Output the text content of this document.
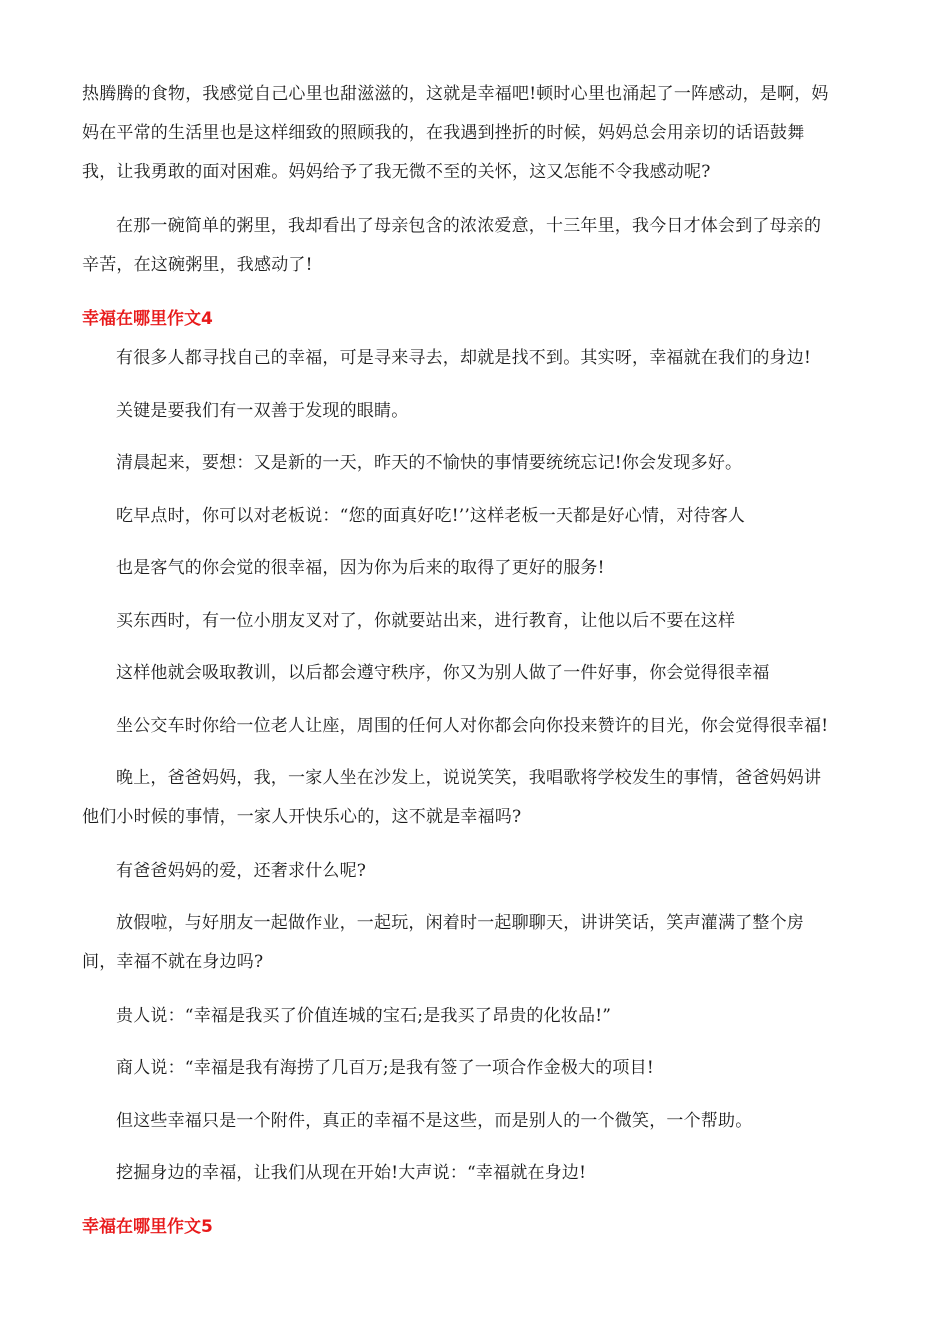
热腾腾的食物，我感觉自己心里也甜滋滋的，这就是幸福吧!顿时心里也涌起了一阵感动，是啊，妈
妈在平常的生活里也是这样细致的照顾我的，在我遇到挫折的时候，妈妈总会用亲切的话语鼓舞
我，让我勇敢的面对困难。妈妈给予了我无微不至的关怀，这又怎能不令我感动呢?
在那一碗简单的粥里，我却看出了母亲包含的浓浓爱意，十三年里，我今日才体会到了母亲的
辛苦，在这碗粥里，我感动了!
幸福在哪里作文4
有很多人都寻找自己的幸福，可是寻来寻去，却就是找不到。其实呀，幸福就在我们的身边!
关键是要我们有一双善于发现的眼睛。
清晨起来，要想：又是新的一天，昨天的不愉快的事情要统统忘记!你会发现多好。
吃早点时，你可以对老板说：“您的面真好吃!’’这样老板一天都是好心情，对待客人
也是客气的你会觉的很幸福，因为你为后来的取得了更好的服务!
买东西时，有一位小朋友叉对了，你就要站出来，进行教育，让他以后不要在这样
这样他就会吸取教训，以后都会遵守秩序，你又为别人做了一件好事，你会觉得很幸福
坐公交车时你给一位老人让座，周围的任何人对你都会向你投来赞许的目光，你会觉得很幸福!
晚上，爸爸妈妈，我，一家人坐在沙发上，说说笑笑，我唱歌将学校发生的事情，爸爸妈妈讲
他们小时候的事情，一家人开快乐心的，这不就是幸福吗?
有爸爸妈妈的爱，还奢求什么呢?
放假啦，与好朋友一起做作业，一起玩，闲着时一起聊聊天，讲讲笑话，笑声灌满了整个房
间，幸福不就在身边吗?
贵人说：“幸福是我买了价值连城的宝石;是我买了昂贵的化妆品!”
商人说：“幸福是我有海捞了几百万;是我有签了一项合作金极大的项目!
但这些幸福只是一个附件，真正的幸福不是这些，而是别人的一个微笑，一个帮助。
挖掘身边的幸福，让我们从现在开始!大声说：“幸福就在身边!
幸福在哪里作文5
